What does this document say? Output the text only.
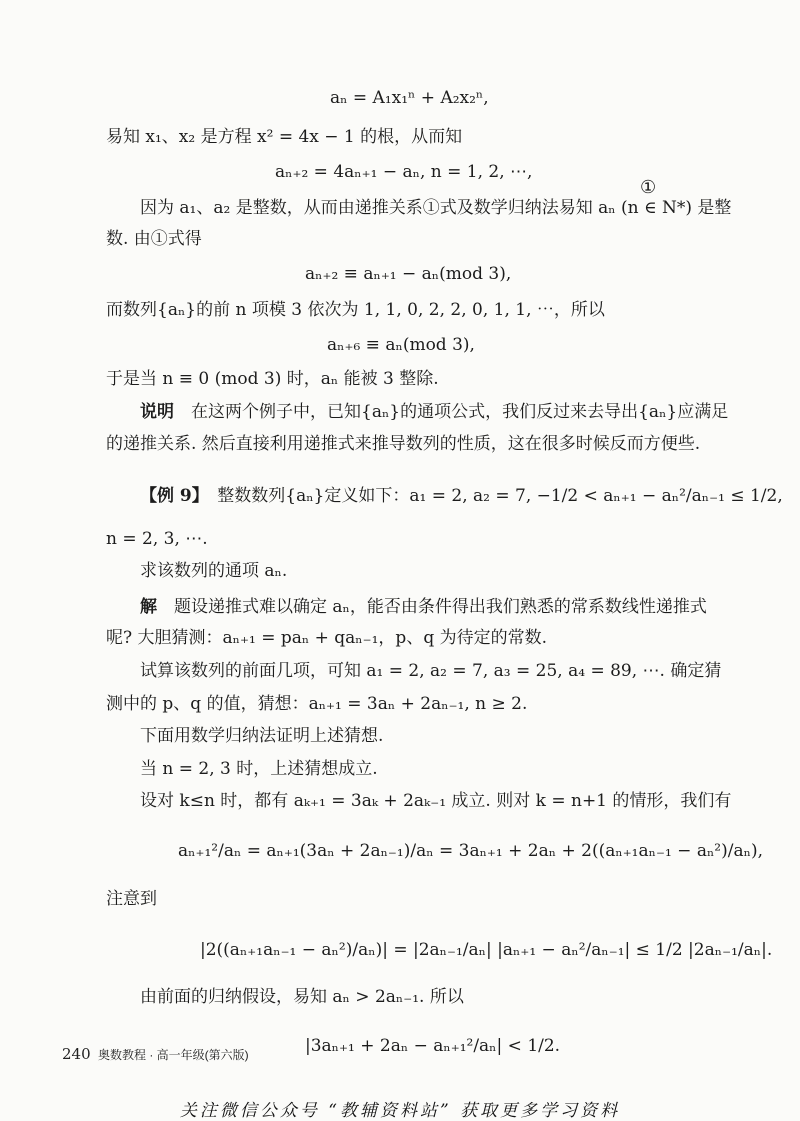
aₙ = A₁x₁ⁿ + A₂x₂ⁿ,
易知 x₁、x₂ 是方程 x² = 4x − 1 的根，从而知
aₙ₊₂ = 4aₙ₊₁ − aₙ, n = 1, 2, ⋯,
因为 a₁、a₂ 是整数，从而由递推关系①式及数学归纳法易知 aₙ (n ∈ N*) 是整
数. 由①式得
aₙ₊₂ ≡ aₙ₊₁ − aₙ(mod 3),
而数列{aₙ}的前 n 项模 3 依次为 1, 1, 0, 2, 2, 0, 1, 1, ⋯，所以
aₙ₊₆ ≡ aₙ(mod 3),
于是当 n ≡ 0 (mod 3) 时，aₙ 能被 3 整除.
说明　在这两个例子中，已知{aₙ}的通项公式，我们反过来去导出{aₙ}应满足
的递推关系. 然后直接利用递推式来推导数列的性质，这在很多时候反而方便些.
【例 9】　整数数列{aₙ}定义如下：a₁ = 2, a₂ = 7, −1/2 < aₙ₊₁ − aₙ²/aₙ₋₁ ≤ 1/2,
n = 2, 3, ⋯.
求该数列的通项 aₙ.
解　题设递推式难以确定 aₙ，能否由条件得出我们熟悉的常系数线性递推式
呢? 大胆猜测：aₙ₊₁ = paₙ + qaₙ₋₁，p、q 为待定的常数.
试算该数列的前面几项，可知 a₁ = 2, a₂ = 7, a₃ = 25, a₄ = 89, ⋯. 确定猜
测中的 p、q 的值，猜想：aₙ₊₁ = 3aₙ + 2aₙ₋₁, n ≥ 2.
下面用数学归纳法证明上述猜想.
当 n = 2, 3 时，上述猜想成立.
设对 k≤n 时，都有 aₖ₊₁ = 3aₖ + 2aₖ₋₁ 成立. 则对 k = n+1 的情形，我们有
aₙ₊₁²/aₙ = aₙ₊₁(3aₙ + 2aₙ₋₁)/aₙ = 3aₙ₊₁ + 2aₙ + 2((aₙ₊₁aₙ₋₁ − aₙ²)/aₙ),
注意到
|2((aₙ₊₁aₙ₋₁ − aₙ²)/aₙ)| = |2aₙ₋₁/aₙ| |aₙ₊₁ − aₙ²/aₙ₋₁| ≤ 1/2 |2aₙ₋₁/aₙ|.
由前面的归纳假设，易知 aₙ > 2aₙ₋₁. 所以
|3aₙ₊₁ + 2aₙ − aₙ₊₁²/aₙ| < 1/2.
①
240 奥数教程 · 高一年级(第六版)
关注微信公众号 “教辅资料站” 获取更多学习资料
